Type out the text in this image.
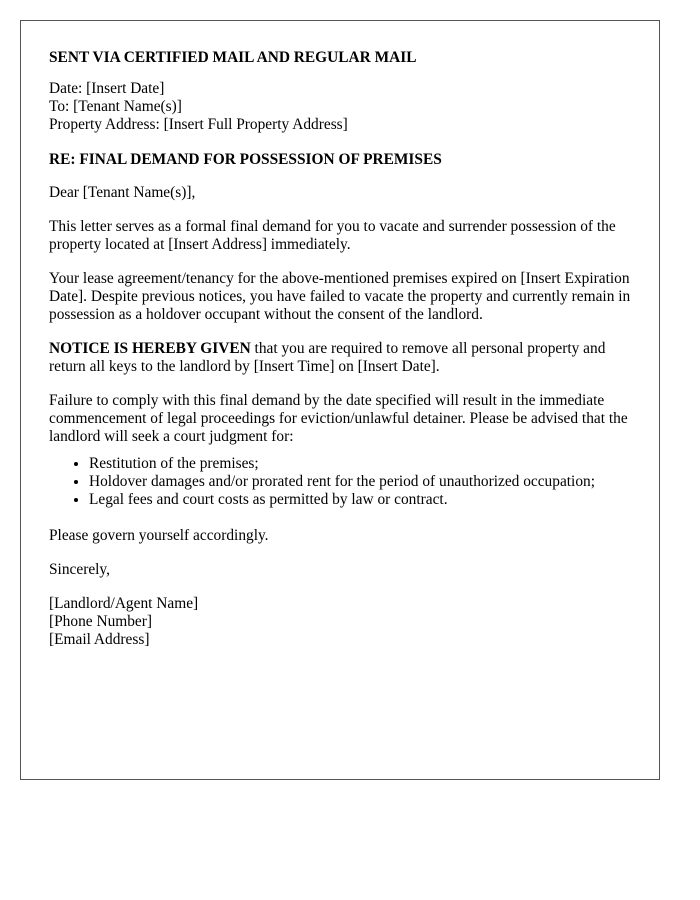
SENT VIA CERTIFIED MAIL AND REGULAR MAIL

Date: [Insert Date]

To: [Tenant Name(s)]

Property Address: [Insert Full Property Address]

RE: FINAL DEMAND FOR POSSESSION OF PREMISES

Dear [Tenant Name(s)],

This letter serves as a formal final demand for you to vacate and surrender possession of the property located at [Insert Address] immediately.

Your lease agreement/tenancy for the above-mentioned premises expired on [Insert Expiration Date]. Despite previous notices, you have failed to vacate the property and currently remain in possession as a holdover occupant without the consent of the landlord.

NOTICE IS HEREBY GIVEN that you are required to remove all personal property and return all keys to the landlord by [Insert Time] on [Insert Date].

Failure to comply with this final demand by the date specified will result in the immediate commencement of legal proceedings for eviction/unlawful detainer. Please be advised that the landlord will seek a court judgment for:

• Restitution of the premises;
• Holdover damages and/or prorated rent for the period of unauthorized occupation;
• Legal fees and court costs as permitted by law or contract.

Please govern yourself accordingly.

Sincerely,

[Landlord/Agent Name]

[Phone Number]

[Email Address]
